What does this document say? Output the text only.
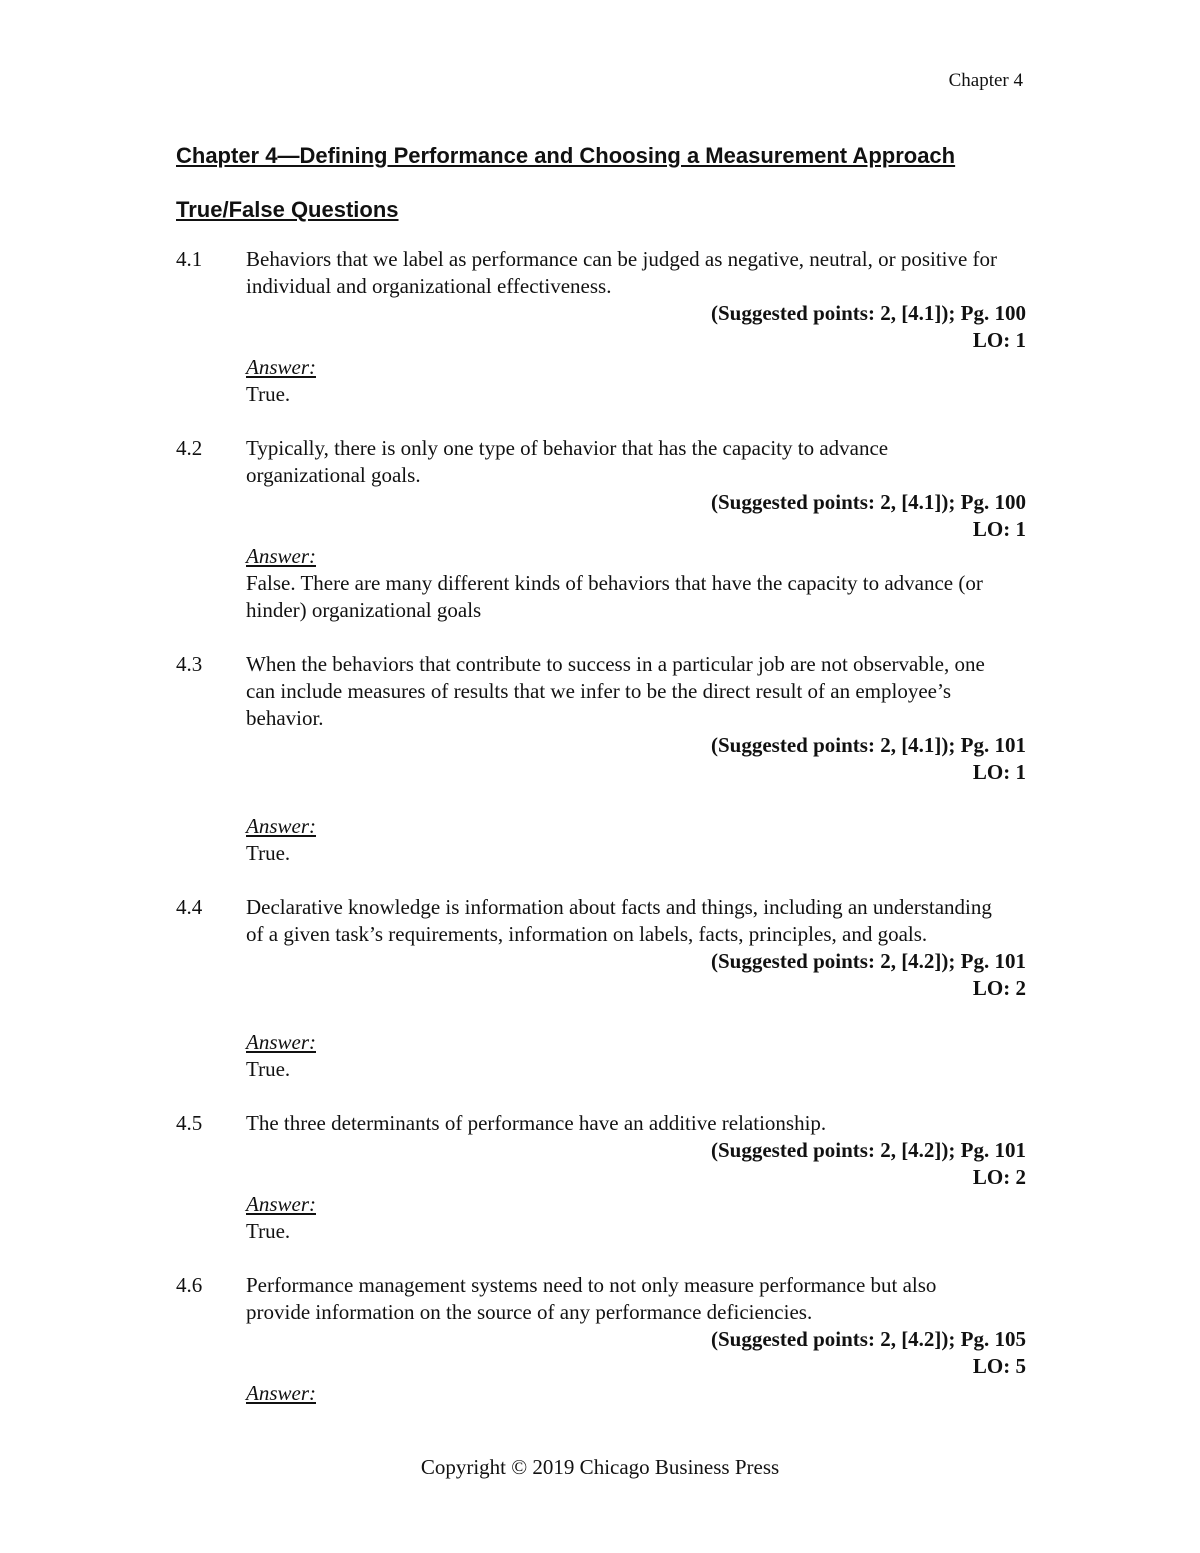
Chapter 4
Chapter 4—Defining Performance and Choosing a Measurement Approach
True/False Questions
4.1	Behaviors that we label as performance can be judged as negative, neutral, or positive for individual and organizational effectiveness.
(Suggested points: 2, [4.1]); Pg. 100
LO: 1
Answer:
True.
4.2	Typically, there is only one type of behavior that has the capacity to advance organizational goals.
(Suggested points: 2, [4.1]); Pg. 100
LO: 1
Answer:
False. There are many different kinds of behaviors that have the capacity to advance (or hinder) organizational goals
4.3	When the behaviors that contribute to success in a particular job are not observable, one can include measures of results that we infer to be the direct result of an employee’s behavior.
(Suggested points: 2, [4.1]); Pg. 101
LO: 1
Answer:
True.
4.4	Declarative knowledge is information about facts and things, including an understanding of a given task’s requirements, information on labels, facts, principles, and goals.
(Suggested points: 2, [4.2]); Pg. 101
LO: 2
Answer:
True.
4.5	The three determinants of performance have an additive relationship.
(Suggested points: 2, [4.2]); Pg. 101
LO: 2
Answer:
True.
4.6	Performance management systems need to not only measure performance but also provide information on the source of any performance deficiencies.
(Suggested points: 2, [4.2]); Pg. 105
LO: 5
Answer:
Copyright © 2019 Chicago Business Press
